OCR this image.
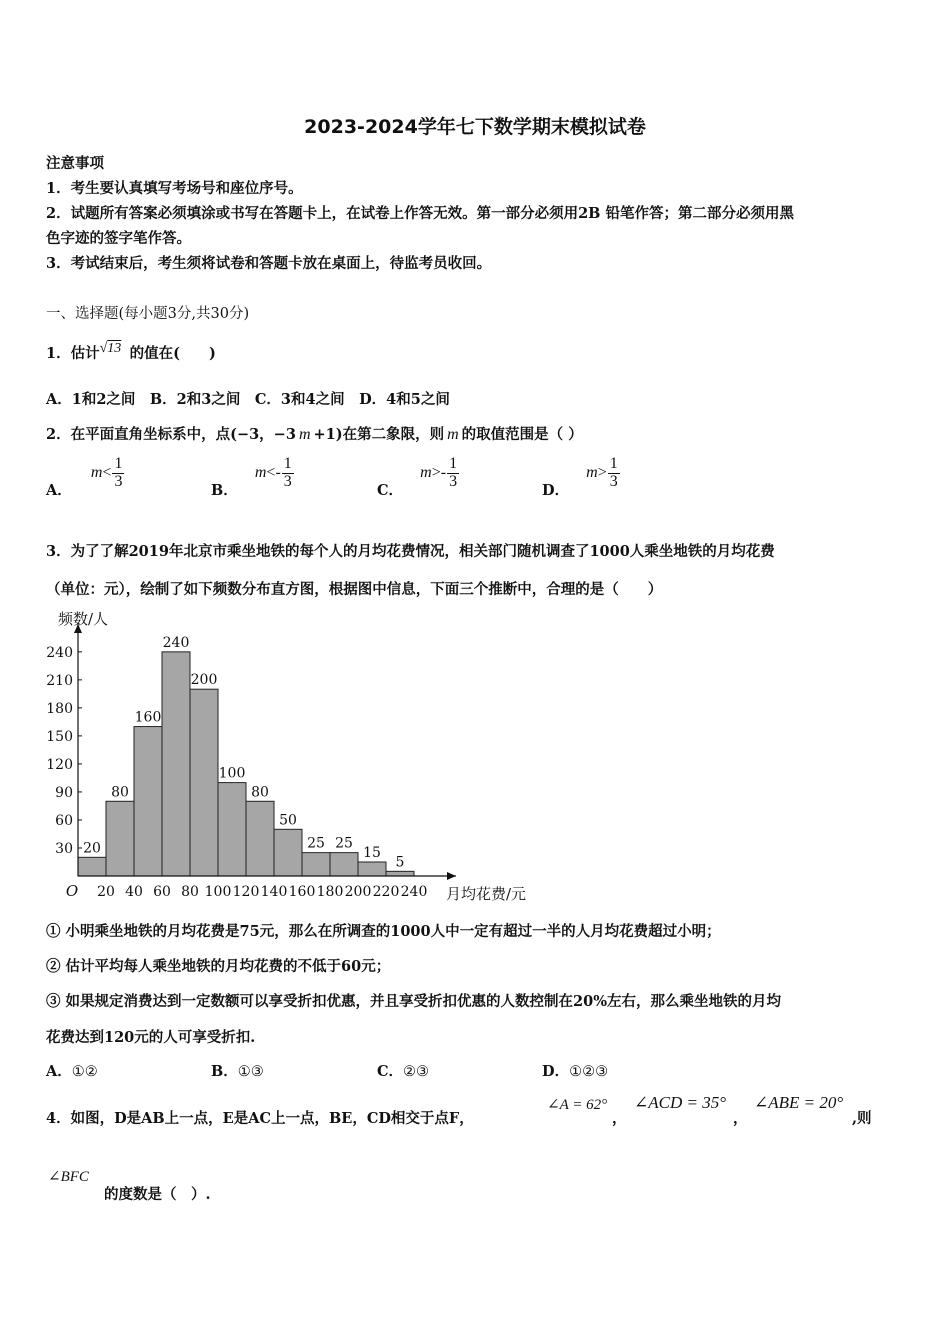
2023-2024学年七下数学期末模拟试卷
注意事项
1．考生要认真填写考场号和座位序号。
2．试题所有答案必须填涂或书写在答题卡上，在试卷上作答无效。第一部分必须用2B 铅笔作答；第二部分必须用黑
色字迹的签字笔作答。
3．考试结束后，考生须将试卷和答题卡放在桌面上，待监考员收回。
一、选择题(每小题3分,共30分)
1．估计 √13 的值在(　　)
A．1和2之间　B．2和3之间　C．3和4之间　D．4和5之间
2．在平面直角坐标系中，点(−3，−3 m +1)在第二象限，则 m 的取值范围是（ ）
A． $m< \frac{1}{3}$	B． $m<- \frac{1}{3}$	C． $m>- \frac{1}{3}$	D． $m> \frac{1}{3}$
3．为了了解2019年北京市乘坐地铁的每个人的月均花费情况，相关部门随机调查了1000人乘坐地铁的月均花费
（单位：元），绘制了如下频数分布直方图，根据图中信息，下面三个推断中，合理的是（　　）
20
80
160
240
200
100
80
50
25 25
15
5
30
60
90
120
150
180
210
240
20 40 60 80 100 120 140 160 180 200 220 240
O
频数/人
月均花费/元
① 小明乘坐地铁的月均花费是75元，那么在所调查的1000人中一定有超过一半的人月均花费超过小明；
② 估计平均每人乘坐地铁的月均花费的不低于60元；
③ 如果规定消费达到一定数额可以享受折扣优惠，并且享受折扣优惠的人数控制在20%左右，那么乘坐地铁的月均
花费达到120元的人可享受折扣.
A．①②	B．①③	C．②③	D．①②③
4．如图，D是AB上一点，E是AC上一点，BE，CD相交于点F，
∠A = 62°
，
∠ACD = 35°
，
∠ABE = 20°
,则
∠BFC
的度数是（　）.
